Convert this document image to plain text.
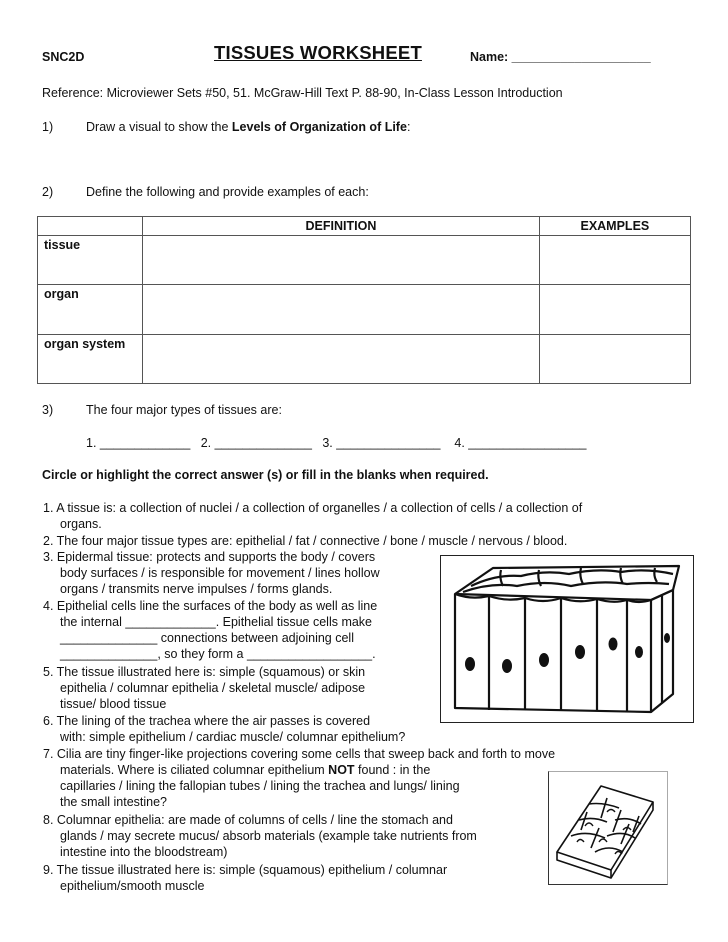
SNC2D	TISSUES WORKSHEET	Name: ____________________
Reference: Microviewer Sets #50, 51. McGraw-Hill Text P. 88-90, In-Class Lesson Introduction
1)	Draw a visual to show the Levels of Organization of Life:
2)	Define the following and provide examples of each:
	DEFINITION	EXAMPLES
tissue		
organ		
organ system		
3)	The four major types of tissues are:
1. _____________   2. ______________   3. _______________    4. _________________
Circle or highlight the correct answer (s) or fill in the blanks when required.
1. A tissue is: a collection of nuclei / a collection of organelles / a collection of cells / a collection of
organs.
2. The four major tissue types are: epithelial / fat / connective / bone / muscle / nervous / blood.
3. Epidermal tissue: protects and supports the body / covers
body surfaces / is responsible for movement / lines hollow
organs / transmits nerve impulses / forms glands.
4. Epithelial cells line the surfaces of the body as well as line
the internal _____________. Epithelial tissue cells make
______________ connections between adjoining cell
______________, so they form a __________________.
5. The tissue illustrated here is: simple (squamous) or skin
epithelia / columnar epithelia / skeletal muscle/ adipose
tissue/ blood tissue
6. The lining of the trachea where the air passes is covered
with: simple epithelium / cardiac muscle/ columnar epithelium?
7. Cilia are tiny finger-like projections covering some cells that sweep back and forth to move
materials. Where is ciliated columnar epithelium NOT found : in the
capillaries / lining the fallopian tubes / lining the trachea and lungs/ lining
the small intestine?
8. Columnar epithelia: are made of columns of cells / line the stomach and
glands / may secrete mucus/ absorb materials (example take nutrients from
intestine into the bloodstream)
9. The tissue illustrated here is: simple (squamous) epithelium / columnar
epithelium/smooth muscle
